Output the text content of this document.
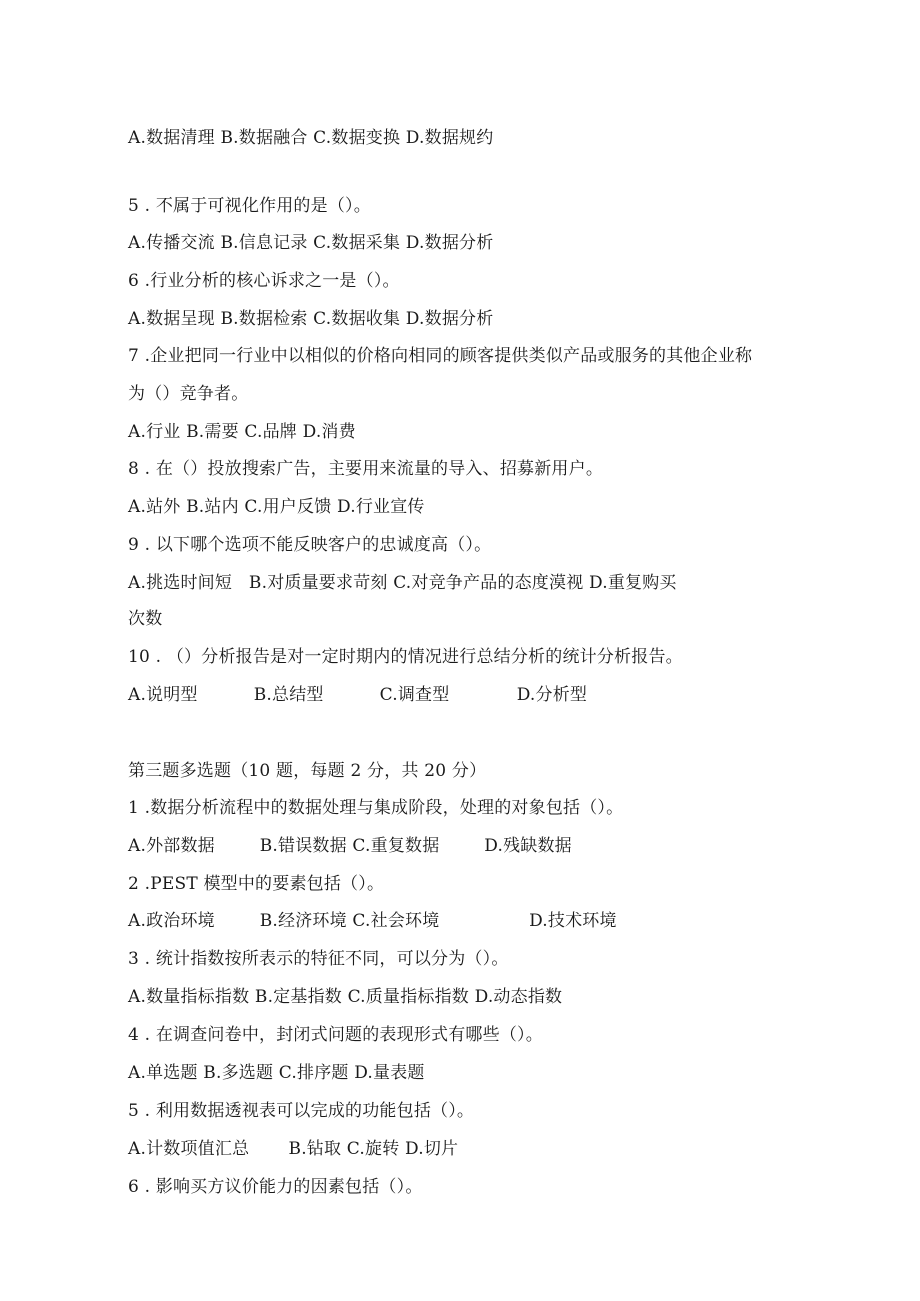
A.数据清理 B.数据融合 C.数据变换 D.数据规约
5 . 不属于可视化作用的是（）。
A.传播交流 B.信息记录 C.数据采集 D.数据分析
6 .行业分析的核心诉求之一是（）。
A.数据呈现 B.数据检索 C.数据收集 D.数据分析
7 .企业把同一行业中以相似的价格向相同的顾客提供类似产品或服务的其他企业称
为（）竞争者。
A.行业 B.需要 C.品牌 D.消费
8 . 在（）投放搜索广告，主要用来流量的导入、招募新用户。
A.站外 B.站内 C.用户反馈 D.行业宣传
9 . 以下哪个选项不能反映客户的忠诚度高（）。
A.挑选时间短   B.对质量要求苛刻 C.对竞争产品的态度漠视 D.重复购买
次数
10 . （）分析报告是对一定时期内的情况进行总结分析的统计分析报告。
A.说明型          B.总结型          C.调查型            D.分析型
第三题多选题（10 题，每题 2 分，共 20 分）
1 .数据分析流程中的数据处理与集成阶段，处理的对象包括（）。
A.外部数据        B.错误数据 C.重复数据        D.残缺数据
2 .PEST 模型中的要素包括（）。
A.政治环境        B.经济环境 C.社会环境                D.技术环境
3 . 统计指数按所表示的特征不同，可以分为（）。
A.数量指标指数 B.定基指数 C.质量指标指数 D.动态指数
4 . 在调查问卷中，封闭式问题的表现形式有哪些（）。
A.单选题 B.多选题 C.排序题 D.量表题
5 . 利用数据透视表可以完成的功能包括（）。
A.计数项值汇总       B.钻取 C.旋转 D.切片
6 . 影响买方议价能力的因素包括（）。
